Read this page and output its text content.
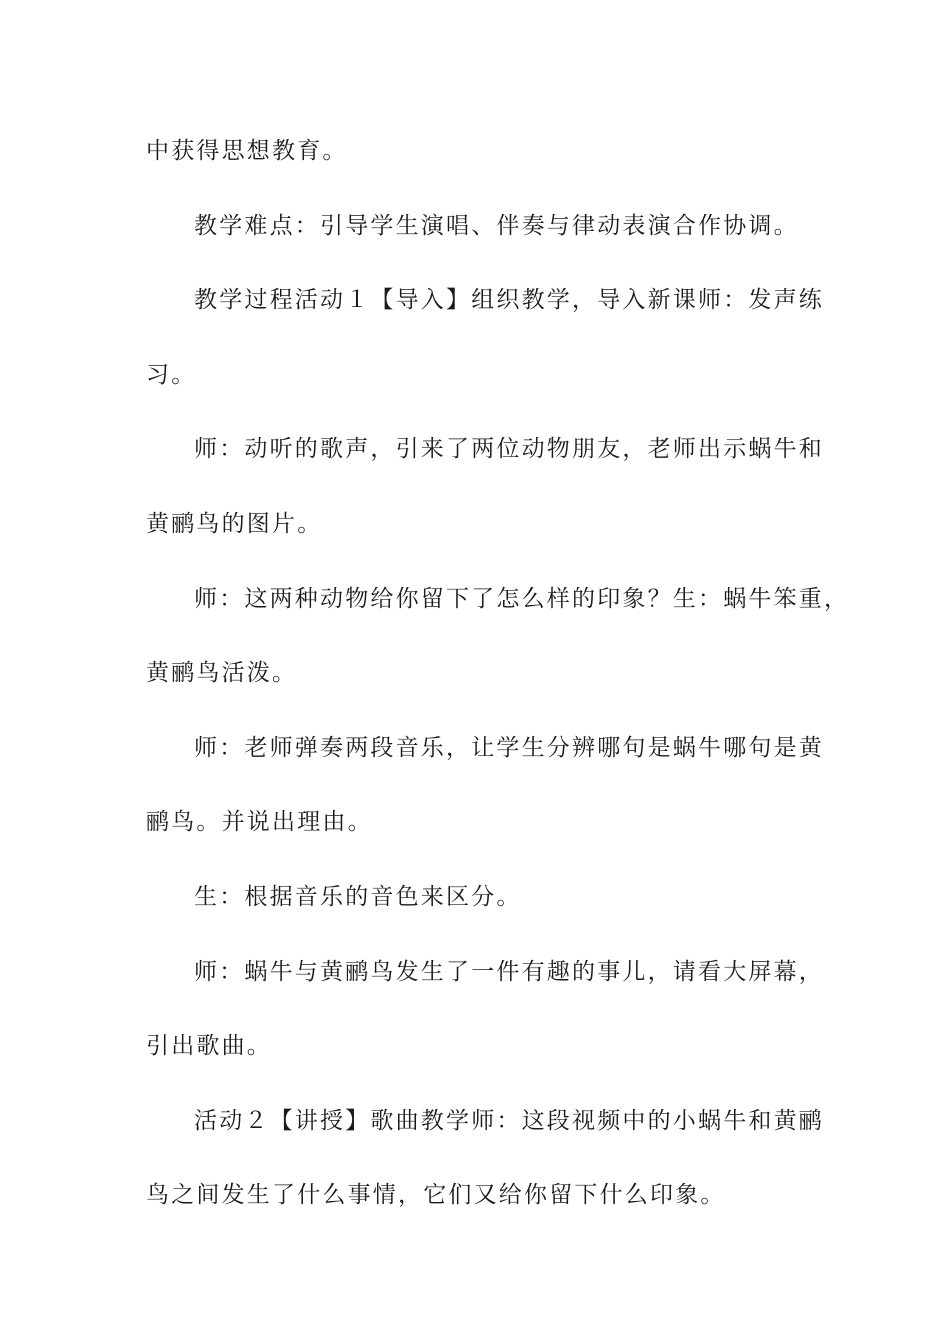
中获得思想教育。
教学难点：引导学生演唱、伴奏与律动表演合作协调。
教学过程活动１【导入】组织教学，导入新课师：发声练
习。
师：动听的歌声，引来了两位动物朋友，老师出示蜗牛和
黄鹂鸟的图片。
师：这两种动物给你留下了怎么样的印象？生：蜗牛笨重，
黄鹂鸟活泼。
师：老师弹奏两段音乐，让学生分辨哪句是蜗牛哪句是黄
鹂鸟。并说出理由。
生：根据音乐的音色来区分。
师：蜗牛与黄鹂鸟发生了一件有趣的事儿，请看大屏幕，
引出歌曲。
活动２【讲授】歌曲教学师：这段视频中的小蜗牛和黄鹂
鸟之间发生了什么事情，它们又给你留下什么印象。
